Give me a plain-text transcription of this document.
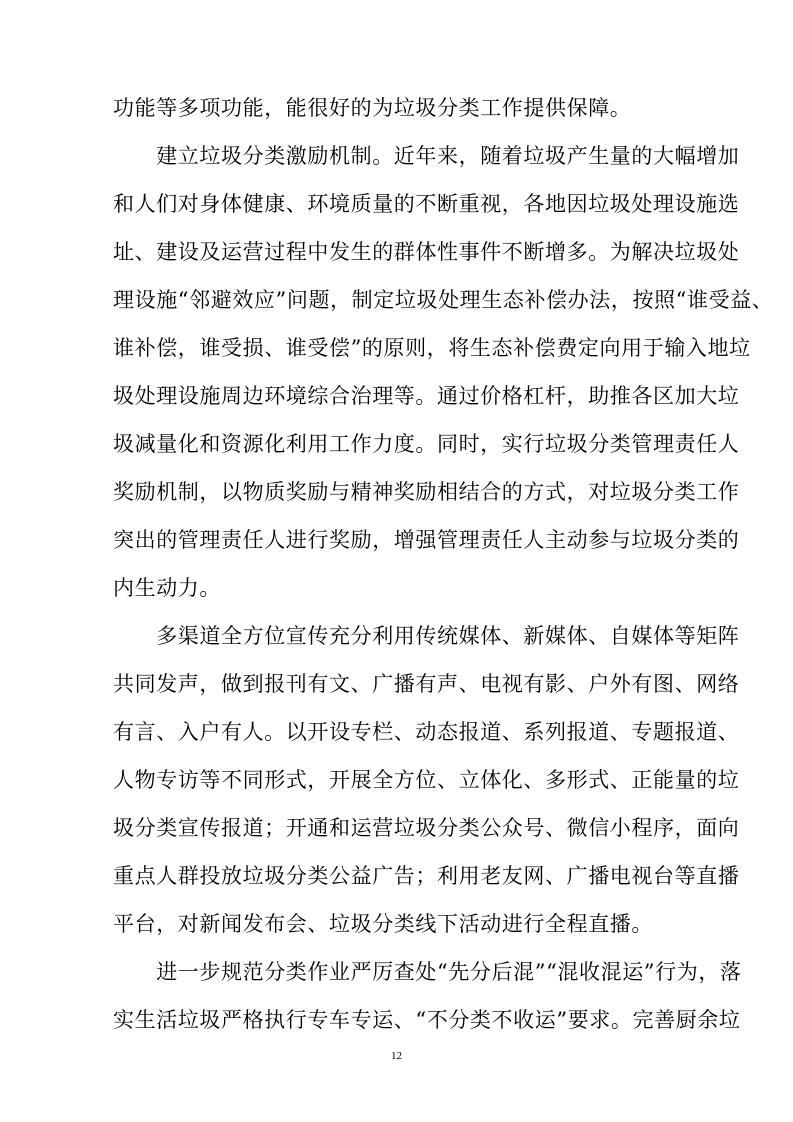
功能等多项功能，能很好的为垃圾分类工作提供保障。
　　建立垃圾分类激励机制。近年来，随着垃圾产生量的大幅增加
和人们对身体健康、环境质量的不断重视，各地因垃圾处理设施选
址、建设及运营过程中发生的群体性事件不断增多。为解决垃圾处
理设施“邻避效应”问题，制定垃圾处理生态补偿办法，按照“谁受益、
谁补偿，谁受损、谁受偿”的原则，将生态补偿费定向用于输入地垃
圾处理设施周边环境综合治理等。通过价格杠杆，助推各区加大垃
圾减量化和资源化利用工作力度。同时，实行垃圾分类管理责任人
奖励机制，以物质奖励与精神奖励相结合的方式，对垃圾分类工作
突出的管理责任人进行奖励，增强管理责任人主动参与垃圾分类的
内生动力。
　　多渠道全方位宣传充分利用传统媒体、新媒体、自媒体等矩阵
共同发声，做到报刊有文、广播有声、电视有影、户外有图、网络
有言、入户有人。以开设专栏、动态报道、系列报道、专题报道、
人物专访等不同形式，开展全方位、立体化、多形式、正能量的垃
圾分类宣传报道；开通和运营垃圾分类公众号、微信小程序，面向
重点人群投放垃圾分类公益广告；利用老友网、广播电视台等直播
平台，对新闻发布会、垃圾分类线下活动进行全程直播。
　　进一步规范分类作业严厉查处“先分后混”“混收混运”行为，落
实生活垃圾严格执行专车专运、“不分类不收运”要求。完善厨余垃
12
